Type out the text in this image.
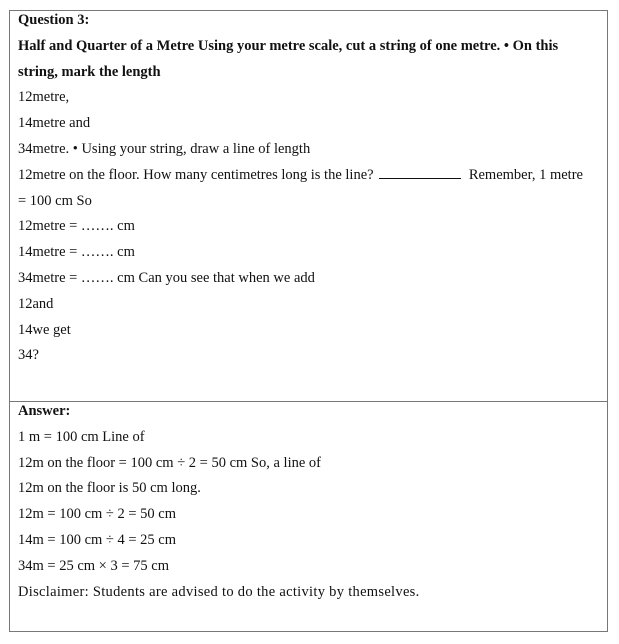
Question 3:
Half and Quarter of a Metre Using your metre scale, cut a string of one metre. • On this
string, mark the length
12metre,
14metre and
34metre. • Using your string, draw a line of length
12metre on the floor. How many centimetres long is the line?	Remember, 1 metre
= 100 cm So
12metre = ……. cm
14metre = ……. cm
34metre = ……. cm Can you see that when we add
12and
14we get
34?
Answer:
1 m = 100 cm Line of
12m on the floor = 100 cm ÷ 2 = 50 cm So, a line of
12m on the floor is 50 cm long.
12m = 100 cm ÷ 2 = 50 cm
14m = 100 cm ÷ 4 = 25 cm
34m = 25 cm × 3 = 75 cm
Disclaimer: Students are advised to do the activity by themselves.
